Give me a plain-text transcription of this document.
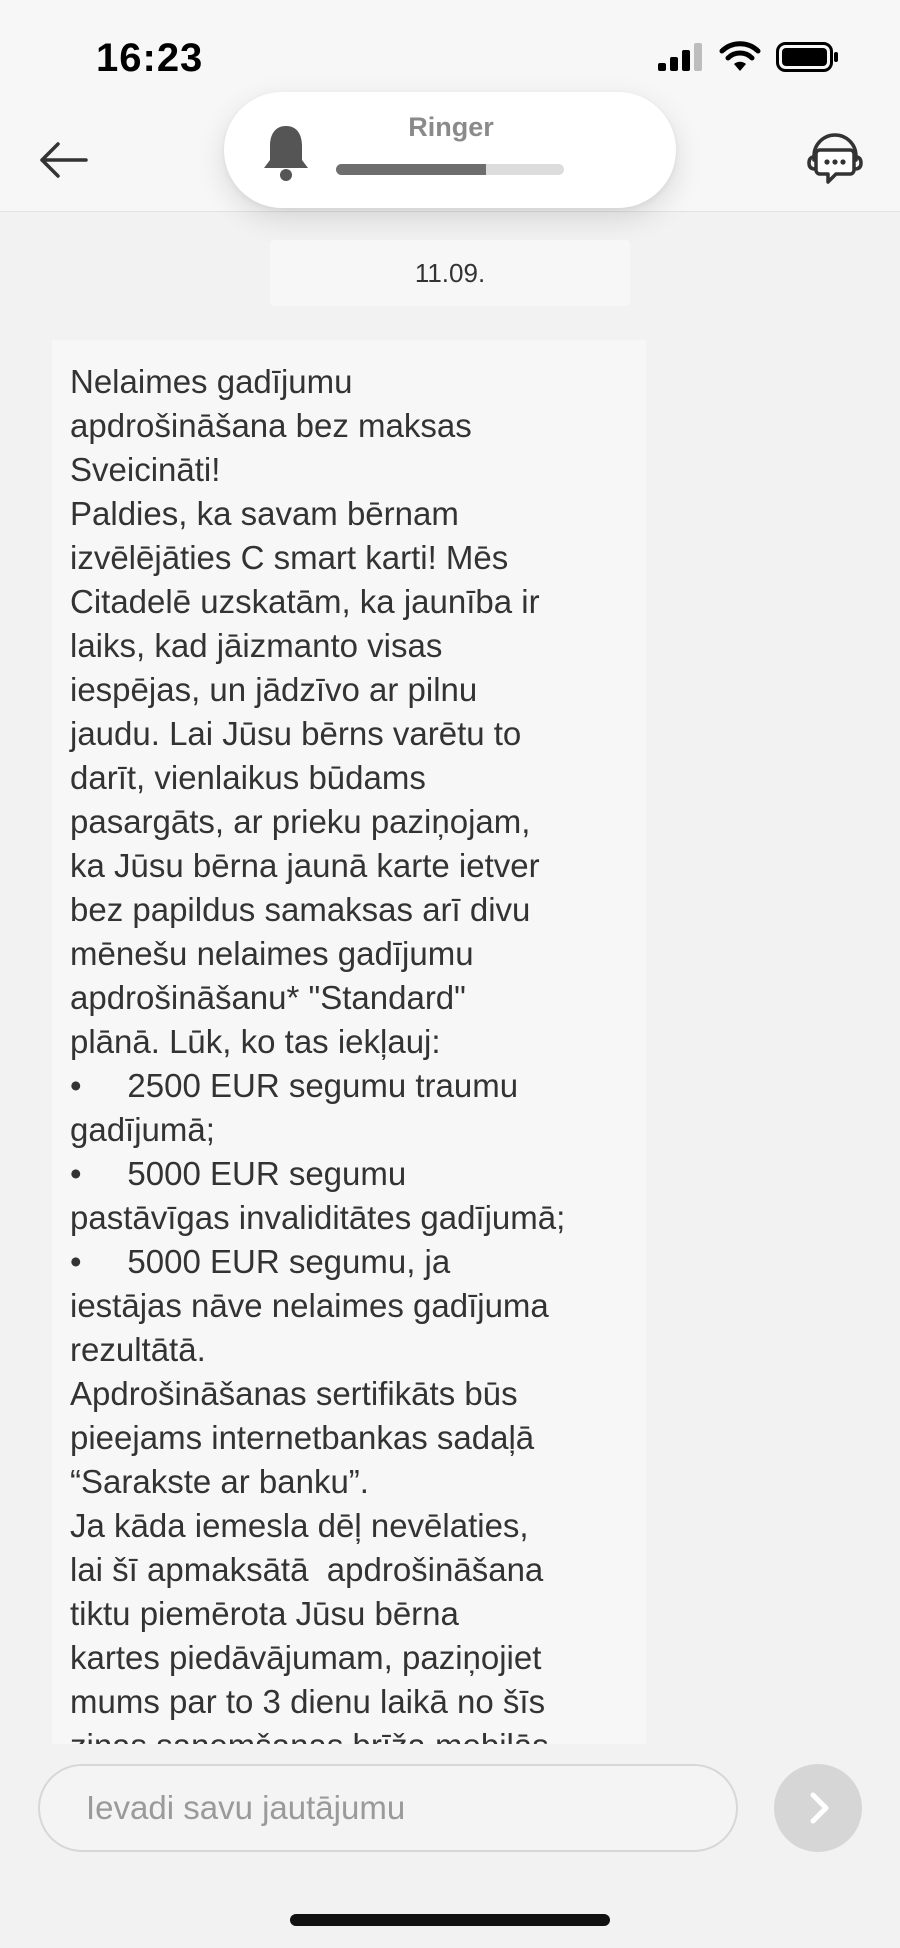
16:23
Ringer
11.09.
Nelaimes gadījumu
apdrošināšana bez maksas
Sveicināti!
Paldies, ka savam bērnam
izvēlējāties C smart karti! Mēs
Citadelē uzskatām, ka jaunība ir
laiks, kad jāizmanto visas
iespējas, un jādzīvo ar pilnu
jaudu. Lai Jūsu bērns varētu to
darīt, vienlaikus būdams
pasargāts, ar prieku paziņojam,
ka Jūsu bērna jaunā karte ietver
bez papildus samaksas arī divu
mēnešu nelaimes gadījumu
apdrošināšanu* "Standard"
plānā. Lūk, ko tas iekļauj:
•     2500 EUR segumu traumu
gadījumā;
•     5000 EUR segumu
pastāvīgas invaliditātes gadījumā;
•     5000 EUR segumu, ja
iestājas nāve nelaimes gadījuma
rezultātā.
Apdrošināšanas sertifikāts būs
pieejams internetbankas sadaļā
“Sarakste ar banku”.
Ja kāda iemesla dēļ nevēlaties,
lai šī apmaksātā  apdrošināšana
tiktu piemērota Jūsu bērna
kartes piedāvājumam, paziņojiet
mums par to 3 dienu laikā no šīs
Ievadi savu jautājumu
